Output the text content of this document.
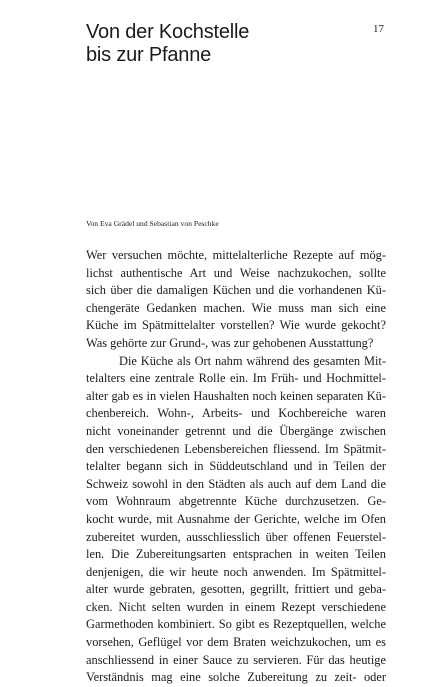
Von der Kochstelle
bis zur Pfanne
17
Von Eva Grädel und Sebastian von Peschke
Wer versuchen möchte, mittelalterliche Rezepte auf mög-
lichst authentische Art und Weise nachzukochen, sollte
sich über die damaligen Küchen und die vorhandenen Kü-
chengeräte Gedanken machen. Wie muss man sich eine
Küche im Spätmittelalter vorstellen? Wie wurde gekocht?
Was gehörte zur Grund-, was zur gehobenen Ausstattung?
Die Küche als Ort nahm während des gesamten Mit-
telalters eine zentrale Rolle ein. Im Früh- und Hochmittel-
alter gab es in vielen Haushalten noch keinen separaten Kü-
chenbereich. Wohn-, Arbeits- und Kochbereiche waren
nicht voneinander getrennt und die Übergänge zwischen
den verschiedenen Lebensbereichen fliessend. Im Spätmit-
telalter begann sich in Süddeutschland und in Teilen der
Schweiz sowohl in den Städten als auch auf dem Land die
vom Wohnraum abgetrennte Küche durchzusetzen. Ge-
kocht wurde, mit Ausnahme der Gerichte, welche im Ofen
zubereitet wurden, ausschliesslich über offenen Feuerstel-
len. Die Zubereitungsarten entsprachen in weiten Teilen
denjenigen, die wir heute noch anwenden. Im Spätmittel-
alter wurde gebraten, gesotten, gegrillt, frittiert und geba-
cken. Nicht selten wurden in einem Rezept verschiedene
Garmethoden kombiniert. So gibt es Rezeptquellen, welche
vorsehen, Geflügel vor dem Braten weichzukochen, um es
anschliessend in einer Sauce zu servieren. Für das heutige
Verständnis mag eine solche Zubereitung zu zeit- oder
